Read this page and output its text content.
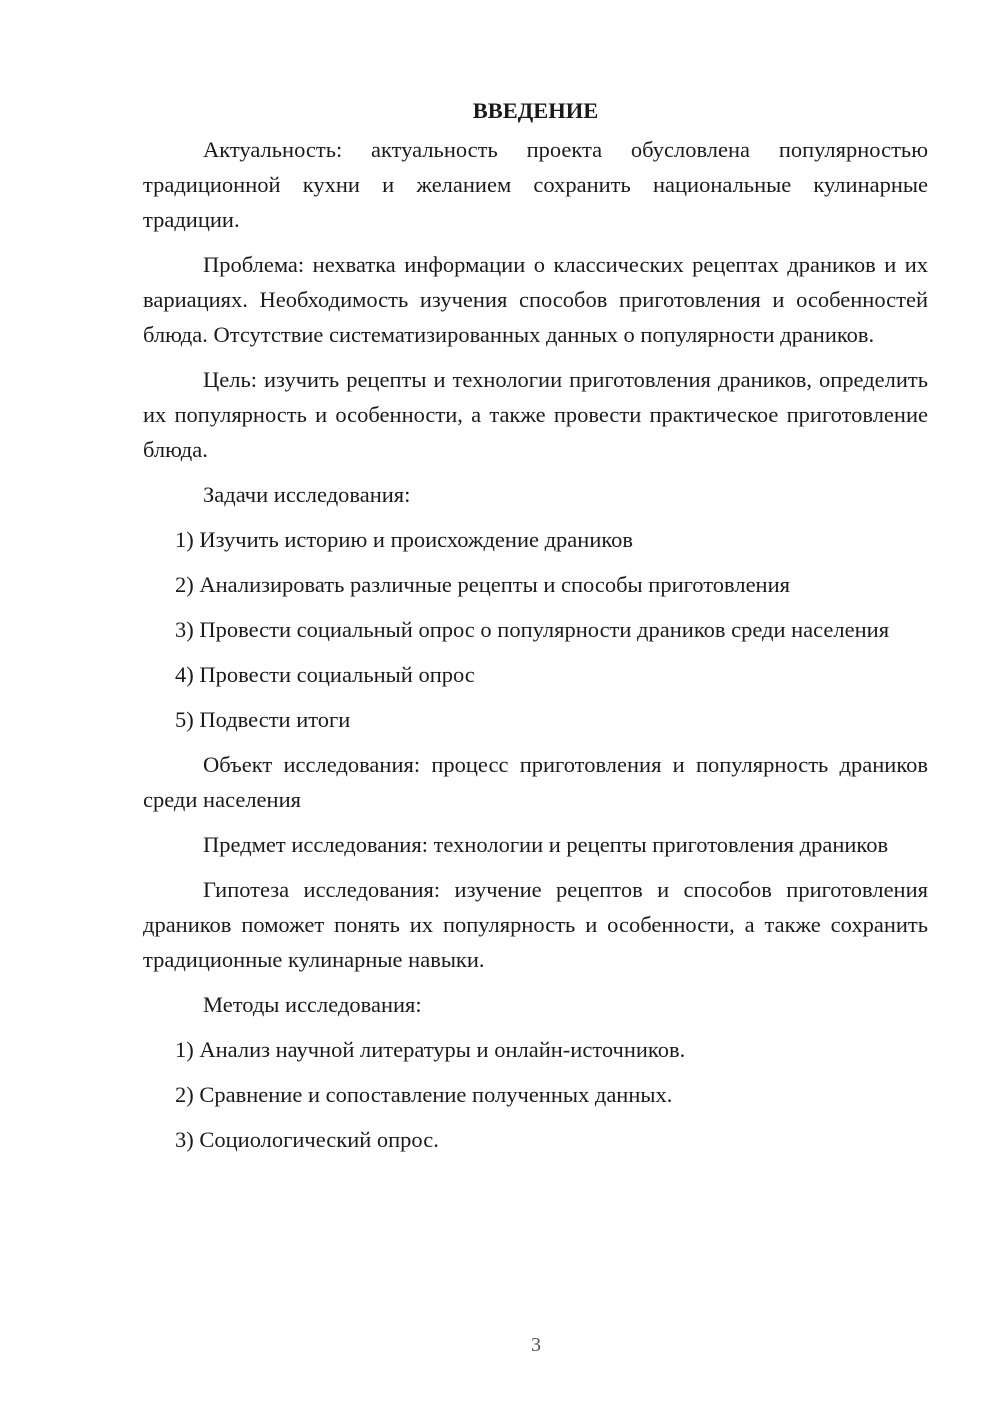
ВВЕДЕНИЕ

Актуальность: актуальность проекта обусловлена популярностью традиционной кухни и желанием сохранить национальные кулинарные традиции.

Проблема: нехватка информации о классических рецептах драников и их вариациях. Необходимость изучения способов приготовления и особенностей блюда. Отсутствие систематизированных данных о популярности драников.

Цель: изучить рецепты и технологии приготовления драников, определить их популярность и особенности, а также провести практическое приготовление блюда.

Задачи исследования:

1) Изучить историю и происхождение драников

2) Анализировать различные рецепты и способы приготовления

3) Провести социальный опрос о популярности драников среди населения

4) Провести социальный опрос

5) Подвести итоги

Объект исследования: процесс приготовления и популярность драников среди населения

Предмет исследования: технологии и рецепты приготовления драников

Гипотеза исследования: изучение рецептов и способов приготовления драников поможет понять их популярность и особенности, а также сохранить традиционные кулинарные навыки.

Методы исследования:

1) Анализ научной литературы и онлайн-источников.

2) Сравнение и сопоставление полученных данных.

3) Социологический опрос.

3
